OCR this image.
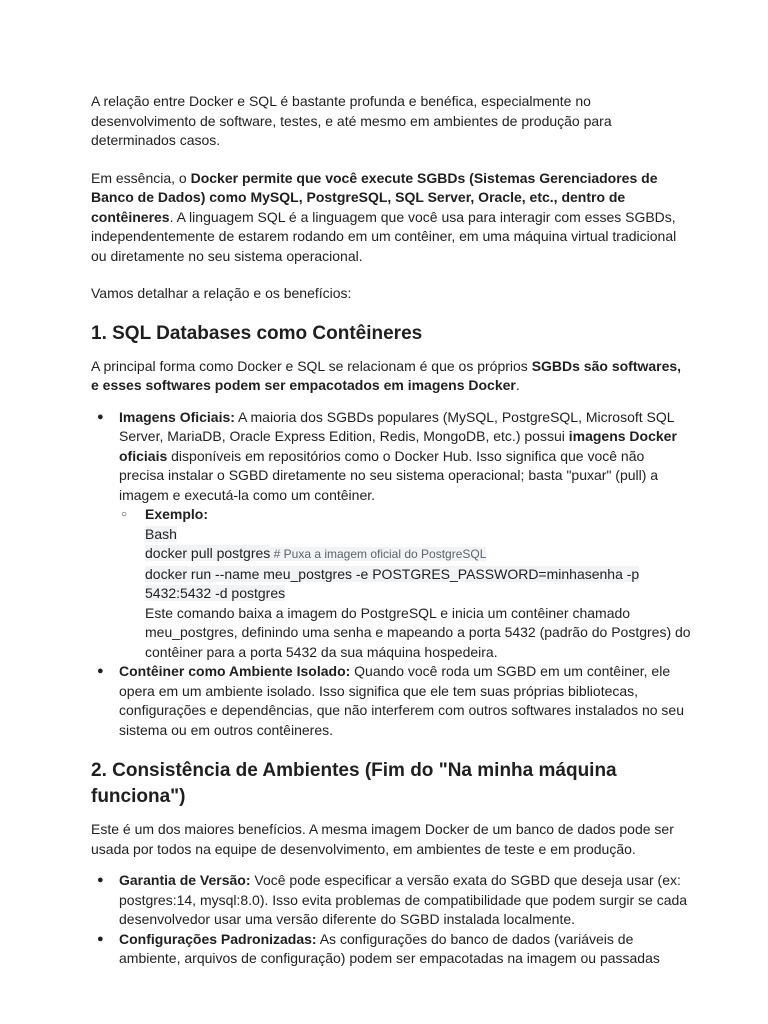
A relação entre Docker e SQL é bastante profunda e benéfica, especialmente no desenvolvimento de software, testes, e até mesmo em ambientes de produção para determinados casos.

Em essência, o Docker permite que você execute SGBDs (Sistemas Gerenciadores de Banco de Dados) como MySQL, PostgreSQL, SQL Server, Oracle, etc., dentro de contêineres. A linguagem SQL é a linguagem que você usa para interagir com esses SGBDs, independentemente de estarem rodando em um contêiner, em uma máquina virtual tradicional ou diretamente no seu sistema operacional.

Vamos detalhar a relação e os benefícios:

1. SQL Databases como Contêineres

A principal forma como Docker e SQL se relacionam é que os próprios SGBDs são softwares, e esses softwares podem ser empacotados em imagens Docker.

● Imagens Oficiais: A maioria dos SGBDs populares (MySQL, PostgreSQL, Microsoft SQL Server, MariaDB, Oracle Express Edition, Redis, MongoDB, etc.) possui imagens Docker oficiais disponíveis em repositórios como o Docker Hub. Isso significa que você não precisa instalar o SGBD diretamente no seu sistema operacional; basta "puxar" (pull) a imagem e executá-la como um contêiner.
○ Exemplo:
Bash
docker pull postgres # Puxa a imagem oficial do PostgreSQL
docker run --name meu_postgres -e POSTGRES_PASSWORD=minhasenha -p
5432:5432 -d postgres
Este comando baixa a imagem do PostgreSQL e inicia um contêiner chamado meu_postgres, definindo uma senha e mapeando a porta 5432 (padrão do Postgres) do contêiner para a porta 5432 da sua máquina hospedeira.
● Contêiner como Ambiente Isolado: Quando você roda um SGBD em um contêiner, ele opera em um ambiente isolado. Isso significa que ele tem suas próprias bibliotecas, configurações e dependências, que não interferem com outros softwares instalados no seu sistema ou em outros contêineres.
2. Consistência de Ambientes (Fim do "Na minha máquina funciona")

Este é um dos maiores benefícios. A mesma imagem Docker de um banco de dados pode ser usada por todos na equipe de desenvolvimento, em ambientes de teste e em produção.

● Garantia de Versão: Você pode especificar a versão exata do SGBD que deseja usar (ex: postgres:14, mysql:8.0). Isso evita problemas de compatibilidade que podem surgir se cada desenvolvedor usar uma versão diferente do SGBD instalada localmente.
● Configurações Padronizadas: As configurações do banco de dados (variáveis de ambiente, arquivos de configuração) podem ser empacotadas na imagem ou passadas
